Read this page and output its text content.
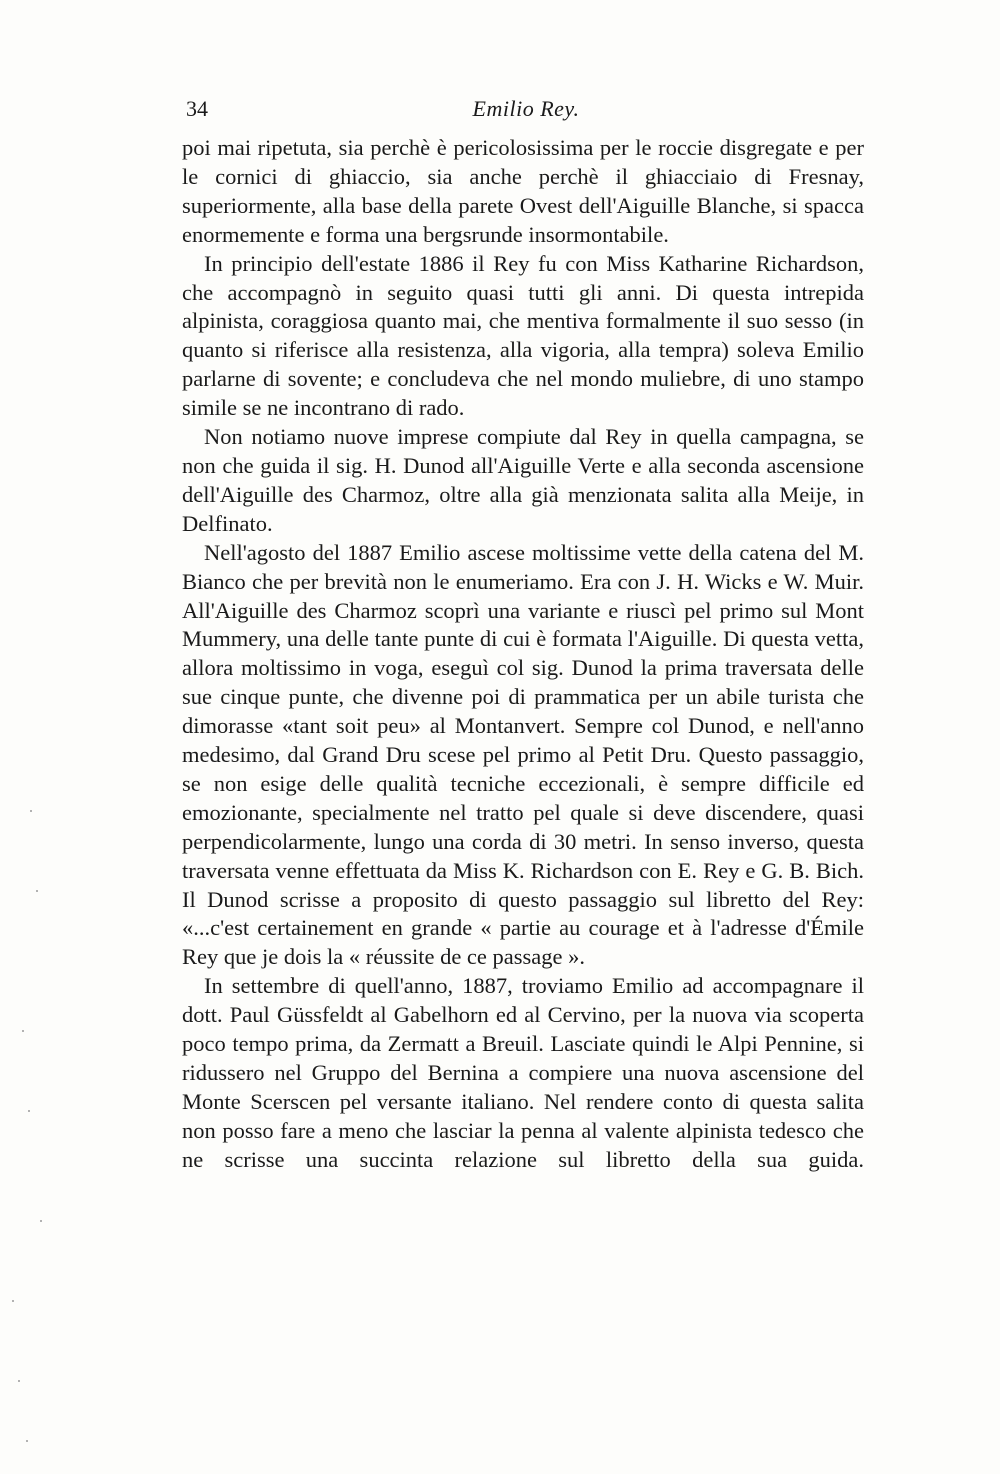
34	Emilio Rey.

poi mai ripetuta, sia perchè è pericolosissima per le roccie disgregate e per le cornici di ghiaccio, sia anche perchè il ghiacciaio di Fresnay, superiormente, alla base della parete Ovest dell'Aiguille Blanche, si spacca enormemente e forma una bergsrunde insormontabile.

In principio dell'estate 1886 il Rey fu con Miss Katharine Richardson, che accompagnò in seguito quasi tutti gli anni. Di questa intrepida alpinista, coraggiosa quanto mai, che mentiva formalmente il suo sesso (in quanto si riferisce alla resistenza, alla vigoria, alla tempra) soleva Emilio parlarne di sovente; e concludeva che nel mondo muliebre, di uno stampo simile se ne incontrano di rado.

Non notiamo nuove imprese compiute dal Rey in quella campagna, se non che guida il sig. H. Dunod all'Aiguille Verte e alla seconda ascensione dell'Aiguille des Charmoz, oltre alla già menzionata salita alla Meije, in Delfinato.

Nell'agosto del 1887 Emilio ascese moltissime vette della catena del M. Bianco che per brevità non le enumeriamo. Era con J. H. Wicks e W. Muir. All'Aiguille des Charmoz scoprì una variante e riuscì pel primo sul Mont Mummery, una delle tante punte di cui è formata l'Aiguille. Di questa vetta, allora moltissimo in voga, eseguì col sig. Dunod la prima traversata delle sue cinque punte, che divenne poi di prammatica per un abile turista che dimorasse «tant soit peu» al Montanvert. Sempre col Dunod, e nell'anno medesimo, dal Grand Dru scese pel primo al Petit Dru. Questo passaggio, se non esige delle qualità tecniche eccezionali, è sempre difficile ed emozionante, specialmente nel tratto pel quale si deve discendere, quasi perpendicolarmente, lungo una corda di 30 metri. In senso inverso, questa traversata venne effettuata da Miss K. Richardson con E. Rey e G. B. Bich. Il Dunod scrisse a proposito di questo passaggio sul libretto del Rey: «...c'est certainement en grande « partie au courage et à l'adresse d'Émile Rey que je dois la « réussite de ce passage ».

In settembre di quell'anno, 1887, troviamo Emilio ad accompagnare il dott. Paul Güssfeldt al Gabelhorn ed al Cervino, per la nuova via scoperta poco tempo prima, da Zermatt a Breuil. Lasciate quindi le Alpi Pennine, si ridussero nel Gruppo del Bernina a compiere una nuova ascensione del Monte Scerscen pel versante italiano. Nel rendere conto di questa salita non posso fare a meno che lasciar la penna al valente alpinista tedesco che ne scrisse una succinta relazione sul libretto della sua guida.
